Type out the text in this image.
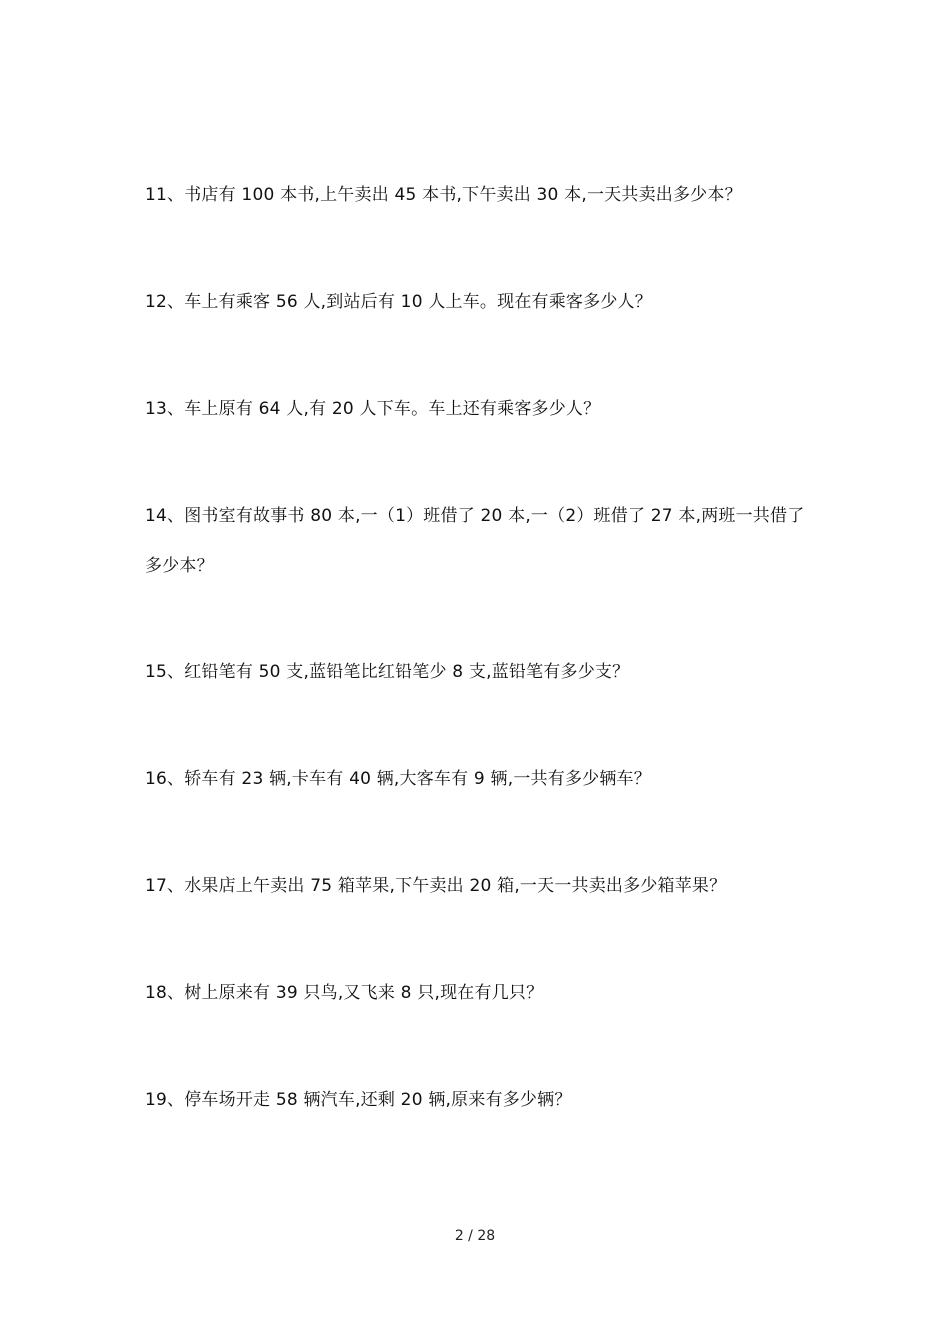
11、书店有 100 本书,上午卖出 45 本书,下午卖出 30 本,一天共卖出多少本？

12、车上有乘客 56 人,到站后有 10 人上车。现在有乘客多少人？

13、车上原有 64 人,有 20 人下车。车上还有乘客多少人？

14、图书室有故事书 80 本,一（1）班借了 20 本,一（2）班借了 27 本,两班一共借了多少本？

15、红铅笔有 50 支,蓝铅笔比红铅笔少 8 支,蓝铅笔有多少支？

16、轿车有 23 辆,卡车有 40 辆,大客车有 9 辆,一共有多少辆车？

17、水果店上午卖出 75 箱苹果,下午卖出 20 箱,一天一共卖出多少箱苹果？

18、树上原来有 39 只鸟,又飞来 8 只,现在有几只？

19、停车场开走 58 辆汽车,还剩 20 辆,原来有多少辆？

2 / 28
